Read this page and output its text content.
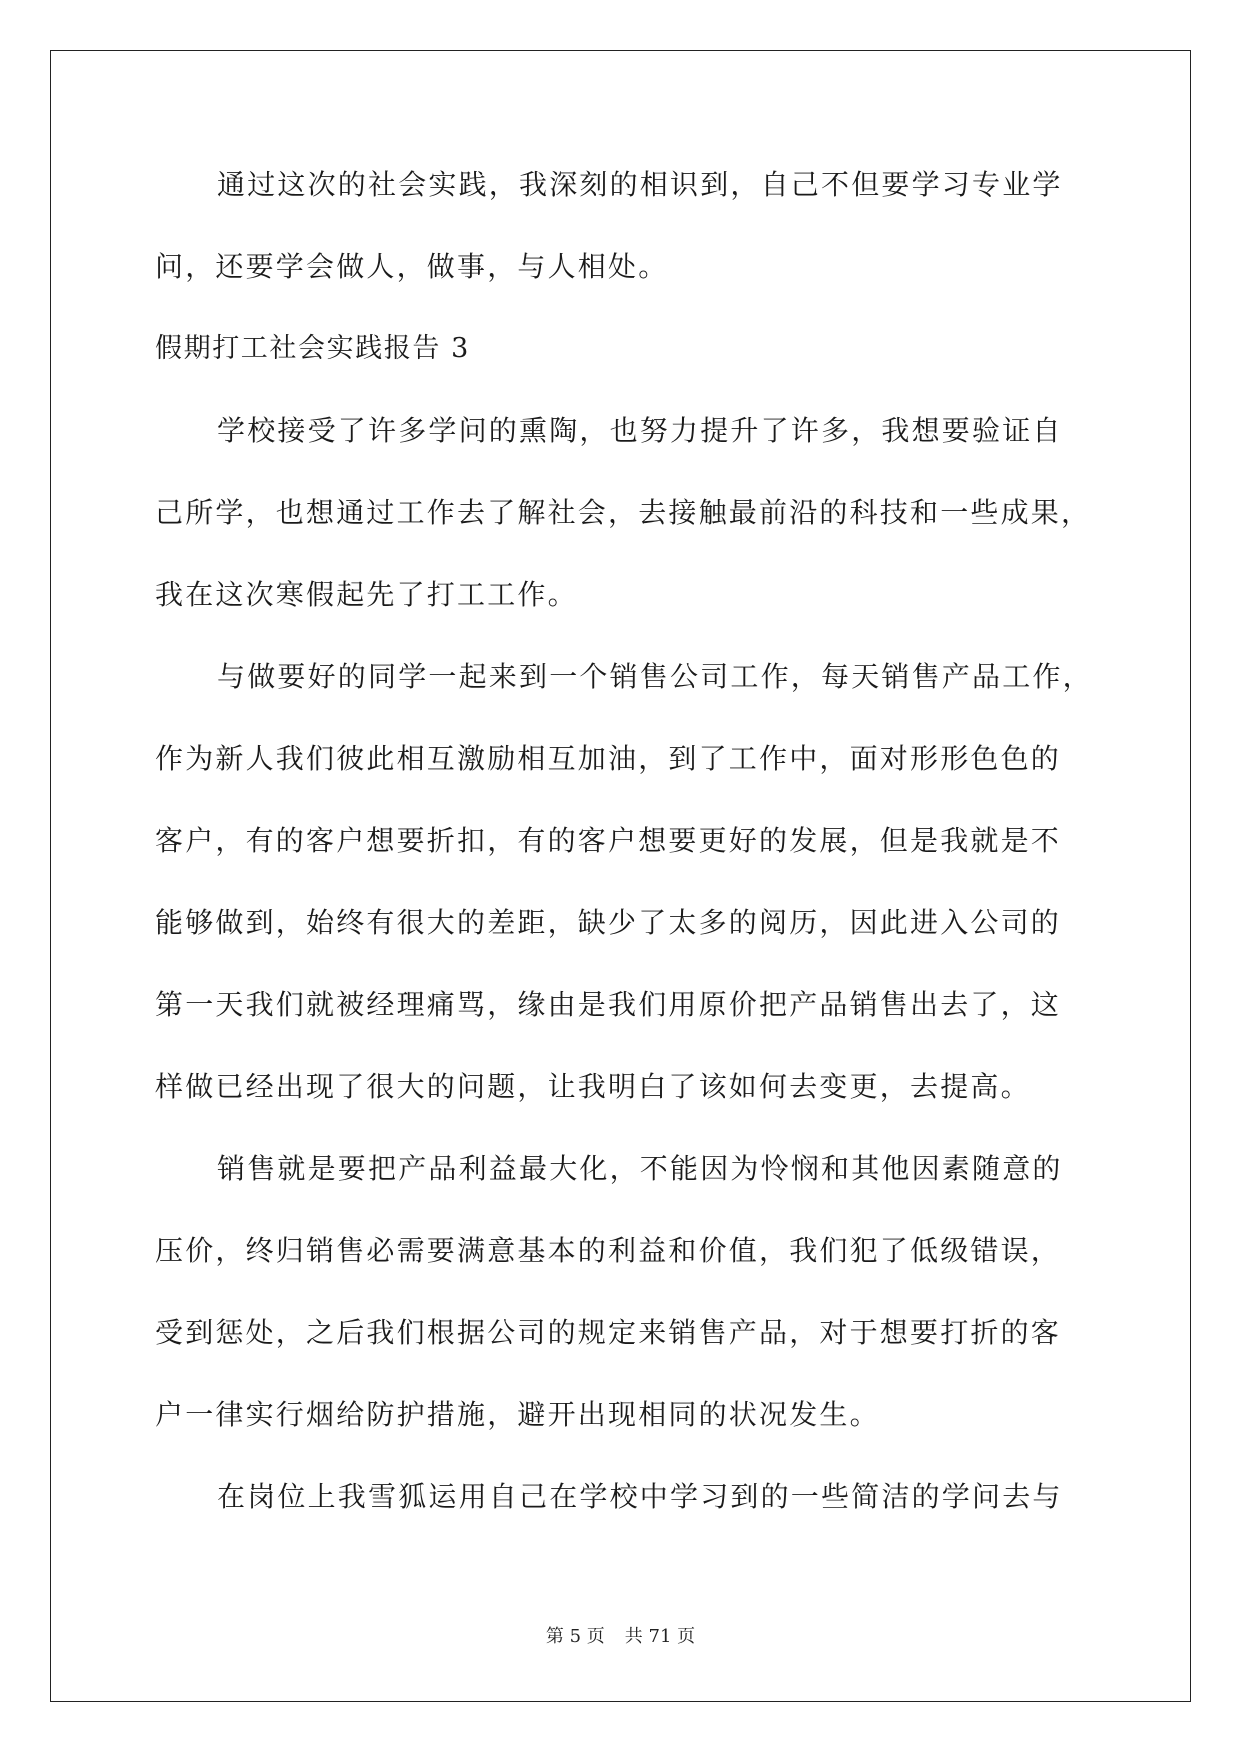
通过这次的社会实践，我深刻的相识到，自己不但要学习专业学
问，还要学会做人，做事，与人相处。
假期打工社会实践报告 3
学校接受了许多学问的熏陶，也努力提升了许多，我想要验证自
己所学，也想通过工作去了解社会，去接触最前沿的科技和一些成果，
我在这次寒假起先了打工工作。
与做要好的同学一起来到一个销售公司工作，每天销售产品工作，
作为新人我们彼此相互激励相互加油，到了工作中，面对形形色色的
客户，有的客户想要折扣，有的客户想要更好的发展，但是我就是不
能够做到，始终有很大的差距，缺少了太多的阅历，因此进入公司的
第一天我们就被经理痛骂，缘由是我们用原价把产品销售出去了，这
样做已经出现了很大的问题，让我明白了该如何去变更，去提高。
销售就是要把产品利益最大化，不能因为怜悯和其他因素随意的
压价，终归销售必需要满意基本的利益和价值，我们犯了低级错误，
受到惩处，之后我们根据公司的规定来销售产品，对于想要打折的客
户一律实行烟给防护措施，避开出现相同的状况发生。
在岗位上我雪狐运用自己在学校中学习到的一些简洁的学问去与
第 5 页 共 71 页
